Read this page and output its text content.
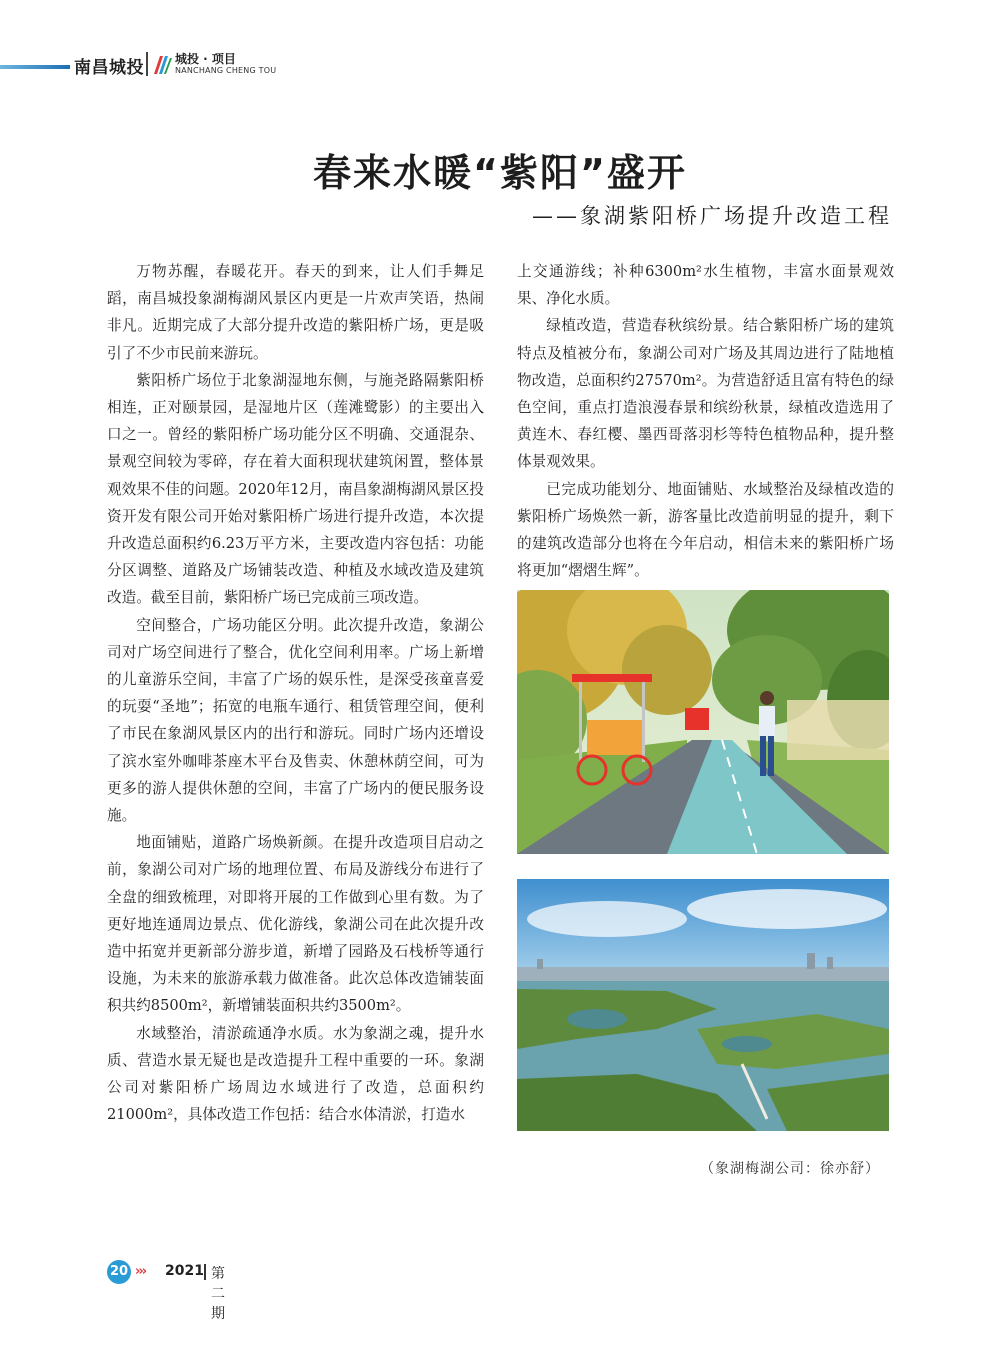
南昌城投	城投 · 项目
NANCHANG CHENG TOU
春来水暖“紫阳”盛开
——象湖紫阳桥广场提升改造工程

万物苏醒，春暖花开。春天的到来，让人们手舞足蹈，南昌城投象湖梅湖风景区内更是一片欢声笑语，热闹非凡。近期完成了大部分提升改造的紫阳桥广场，更是吸引了不少市民前来游玩。

紫阳桥广场位于北象湖湿地东侧，与施尧路隔紫阳桥相连，正对颐景园，是湿地片区（莲滩鹭影）的主要出入口之一。曾经的紫阳桥广场功能分区不明确、交通混杂、景观空间较为零碎，存在着大面积现状建筑闲置，整体景观效果不佳的问题。2020年12月，南昌象湖梅湖风景区投资开发有限公司开始对紫阳桥广场进行提升改造，本次提升改造总面积约6.23万平方米，主要改造内容包括：功能分区调整、道路及广场铺装改造、种植及水域改造及建筑改造。截至目前，紫阳桥广场已完成前三项改造。

空间整合，广场功能区分明。此次提升改造，象湖公司对广场空间进行了整合，优化空间利用率。广场上新增的儿童游乐空间，丰富了广场的娱乐性，是深受孩童喜爱的玩耍“圣地”；拓宽的电瓶车通行、租赁管理空间，便利了市民在象湖风景区内的出行和游玩。同时广场内还增设了滨水室外咖啡茶座木平台及售卖、休憩林荫空间，可为更多的游人提供休憩的空间，丰富了广场内的便民服务设施。

地面铺贴，道路广场焕新颜。在提升改造项目启动之前，象湖公司对广场的地理位置、布局及游线分布进行了全盘的细致梳理，对即将开展的工作做到心里有数。为了更好地连通周边景点、优化游线，象湖公司在此次提升改造中拓宽并更新部分游步道，新增了园路及石栈桥等通行设施，为未来的旅游承载力做准备。此次总体改造铺装面积共约8500m²，新增铺装面积共约3500m²。

水域整治，清淤疏通净水质。水为象湖之魂，提升水质、营造水景无疑也是改造提升工程中重要的一环。象湖公司对紫阳桥广场周边水域进行了改造，总面积约21000m²，具体改造工作包括：结合水体清淤，打造水

上交通游线；补种6300m²水生植物，丰富水面景观效果、净化水质。

绿植改造，营造春秋缤纷景。结合紫阳桥广场的建筑特点及植被分布，象湖公司对广场及其周边进行了陆地植物改造，总面积约27570m²。为营造舒适且富有特色的绿色空间，重点打造浪漫春景和缤纷秋景，绿植改造选用了黄连木、春红樱、墨西哥落羽杉等特色植物品种，提升整体景观效果。

已完成功能划分、地面铺贴、水域整治及绿植改造的紫阳桥广场焕然一新，游客量比改造前明显的提升，剩下的建筑改造部分也将在今年启动，相信未来的紫阳桥广场将更加“熠熠生辉”。

（象湖梅湖公司：徐亦舒）
20 ››› 2021 第二期
